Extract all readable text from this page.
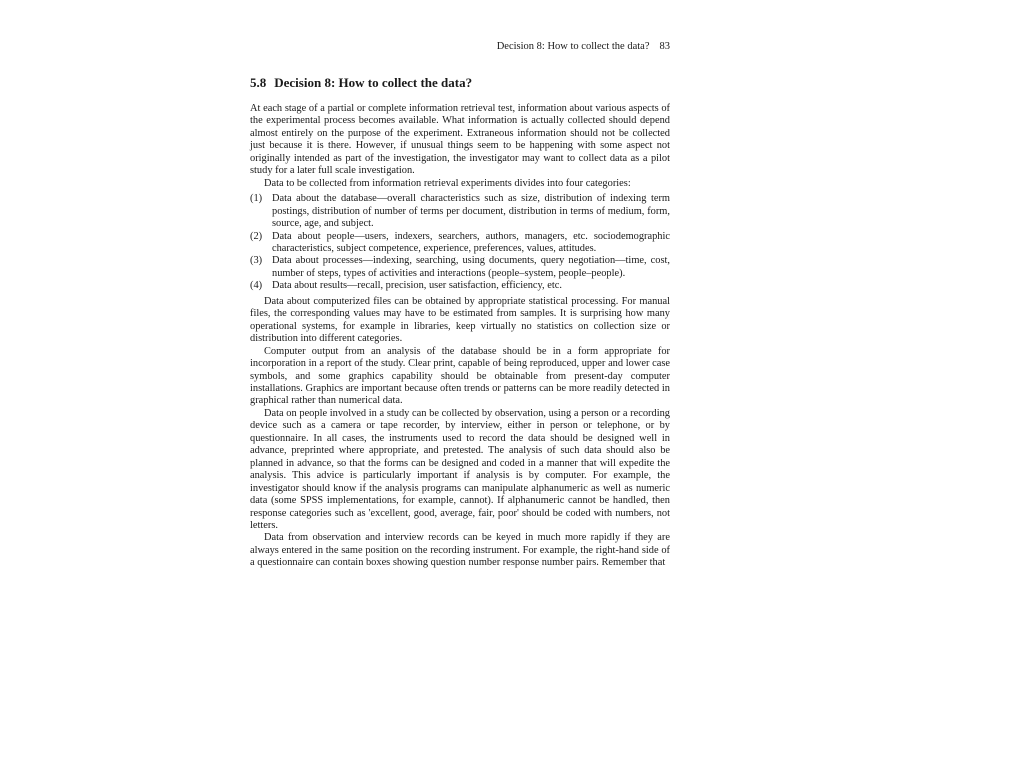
Decision 8: How to collect the data? 83
5.8 Decision 8: How to collect the data?

At each stage of a partial or complete information retrieval test, information about various aspects of the experimental process becomes available. What information is actually collected should depend almost entirely on the purpose of the experiment. Extraneous information should not be collected just because it is there. However, if unusual things seem to be happening with some aspect not originally intended as part of the investigation, the investigator may want to collect data as a pilot study for a later full scale investigation.

Data to be collected from information retrieval experiments divides into four categories:

(1) Data about the database—overall characteristics such as size, distribution of indexing term postings, distribution of number of terms per document, distribution in terms of medium, form, source, age, and subject.
(2) Data about people—users, indexers, searchers, authors, managers, etc. sociodemographic characteristics, subject competence, experience, preferences, values, attitudes.
(3) Data about processes—indexing, searching, using documents, query negotiation—time, cost, number of steps, types of activities and interactions (people–system, people–people).
(4) Data about results—recall, precision, user satisfaction, efficiency, etc.

Data about computerized files can be obtained by appropriate statistical processing. For manual files, the corresponding values may have to be estimated from samples. It is surprising how many operational systems, for example in libraries, keep virtually no statistics on collection size or distribution into different categories.

Computer output from an analysis of the database should be in a form appropriate for incorporation in a report of the study. Clear print, capable of being reproduced, upper and lower case symbols, and some graphics capability should be obtainable from present-day computer installations. Graphics are important because often trends or patterns can be more readily detected in graphical rather than numerical data.

Data on people involved in a study can be collected by observation, using a person or a recording device such as a camera or tape recorder, by interview, either in person or telephone, or by questionnaire. In all cases, the instruments used to record the data should be designed well in advance, preprinted where appropriate, and pretested. The analysis of such data should also be planned in advance, so that the forms can be designed and coded in a manner that will expedite the analysis. This advice is particularly important if analysis is by computer. For example, the investigator should know if the analysis programs can manipulate alphanumeric as well as numeric data (some SPSS implementations, for example, cannot). If alphanumeric cannot be handled, then response categories such as 'excellent, good, average, fair, poor' should be coded with numbers, not letters.

Data from observation and interview records can be keyed in much more rapidly if they are always entered in the same position on the recording instrument. For example, the right-hand side of a questionnaire can contain boxes showing question number response number pairs. Remember that
